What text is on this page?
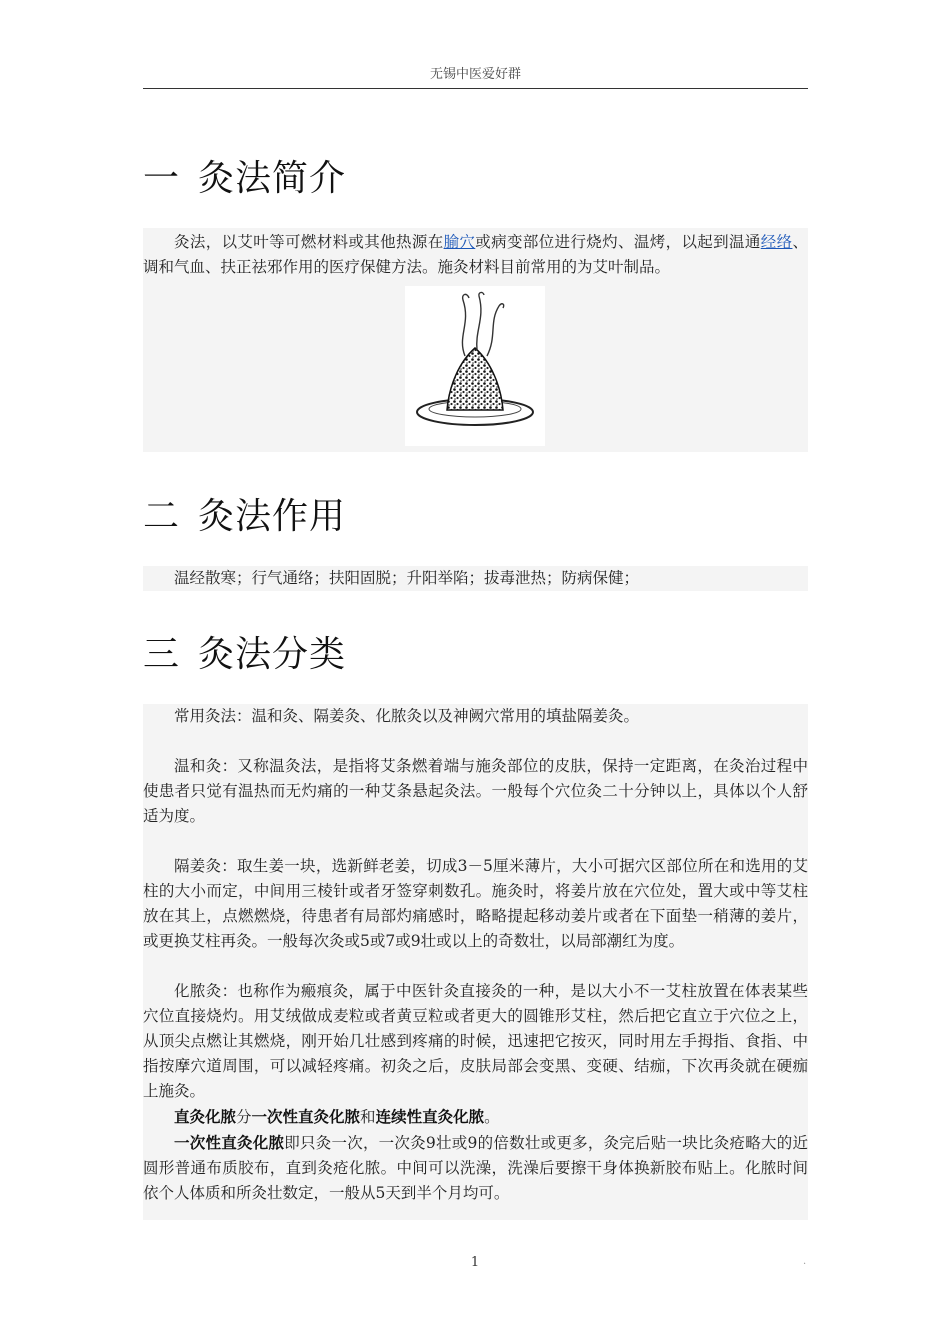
无锡中医爱好群
一 灸法简介

灸法，以艾叶等可燃材料或其他热源在腧穴或病变部位进行烧灼、温烤，以起到温通经络、调和气血、扶正祛邪作用的医疗保健方法。施灸材料目前常用的为艾叶制品。

二 灸法作用

温经散寒；行气通络；扶阳固脱；升阳举陷；拔毒泄热；防病保健；

三 灸法分类

常用灸法：温和灸、隔姜灸、化脓灸以及神阙穴常用的填盐隔姜灸。

温和灸：又称温灸法，是指将艾条燃着端与施灸部位的皮肤，保持一定距离，在灸治过程中使患者只觉有温热而无灼痛的一种艾条悬起灸法。一般每个穴位灸二十分钟以上，具体以个人舒适为度。

隔姜灸：取生姜一块，选新鲜老姜，切成3－5厘米薄片，大小可据穴区部位所在和选用的艾柱的大小而定，中间用三棱针或者牙签穿刺数孔。施灸时，将姜片放在穴位处，置大或中等艾柱放在其上，点燃燃烧，待患者有局部灼痛感时，略略提起移动姜片或者在下面垫一稍薄的姜片，或更换艾柱再灸。一般每次灸或5或7或9壮或以上的奇数壮，以局部潮红为度。

化脓灸：也称作为瘢痕灸，属于中医针灸直接灸的一种，是以大小不一艾柱放置在体表某些穴位直接烧灼。用艾绒做成麦粒或者黄豆粒或者更大的圆锥形艾柱，然后把它直立于穴位之上，从顶尖点燃让其燃烧，刚开始几壮感到疼痛的时候，迅速把它按灭，同时用左手拇指、食指、中指按摩穴道周围，可以减轻疼痛。初灸之后，皮肤局部会变黑、变硬、结痂，下次再灸就在硬痂上施灸。

直灸化脓分一次性直灸化脓和连续性直灸化脓。

一次性直灸化脓即只灸一次，一次灸9壮或9的倍数壮或更多，灸完后贴一块比灸疮略大的近圆形普通布质胶布，直到灸疮化脓。中间可以洗澡，洗澡后要擦干身体换新胶布贴上。化脓时间依个人体质和所灸壮数定，一般从5天到半个月均可。

1	.
